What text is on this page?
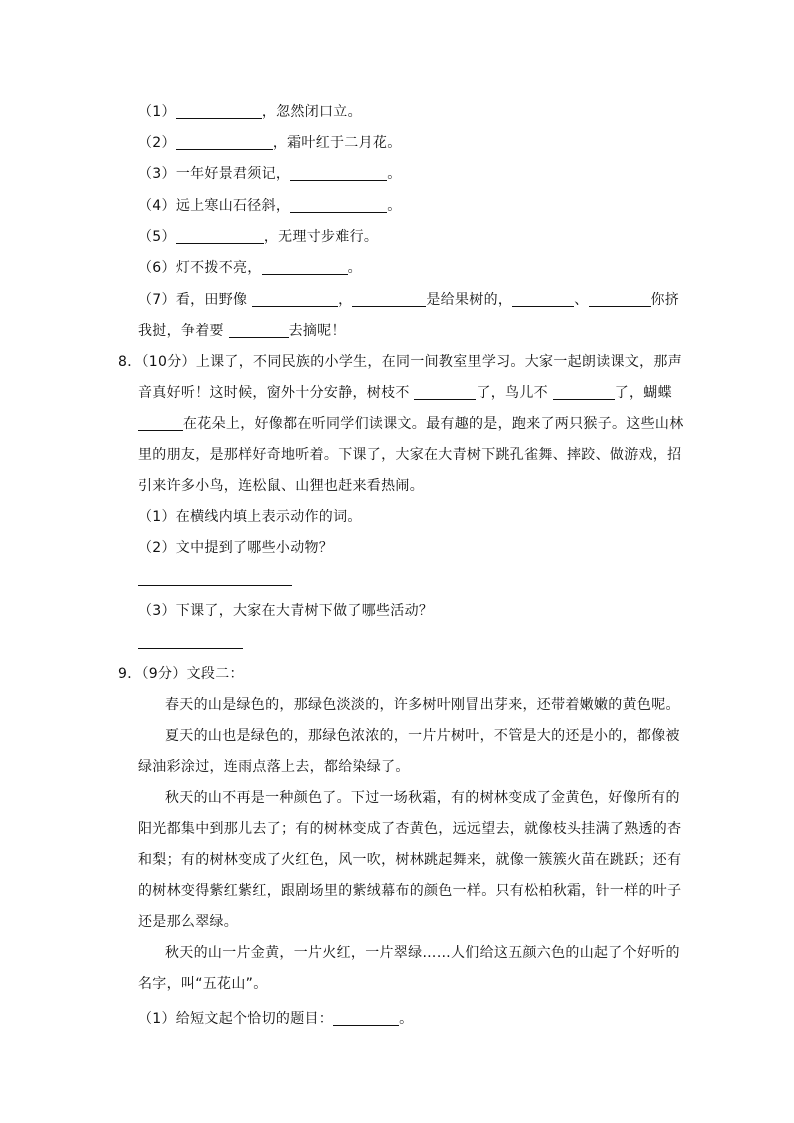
（1）	，忽然闭口立。
（2）	，霜叶红于二月花。
（3）一年好景君须记，	。
（4）远上寒山石径斜，	。
（5）	，无理寸步难行。
（6）灯不拨不亮，	。
（7）看，田野像	，	是给果树的，	、	你挤
我挝，争着要	去摘呢！
8．（10分）上课了，不同民族的小学生，在同一间教室里学习。大家一起朗读课文，那声
音真好听！这时候，窗外十分安静，树枝不	了，鸟儿不	了，蝴蝶
在花朵上，好像都在听同学们读课文。最有趣的是，跑来了两只猴子。这些山林
里的朋友，是那样好奇地听着。下课了，大家在大青树下跳孔雀舞、摔跤、做游戏，招
引来许多小鸟，连松鼠、山狸也赶来看热闹。
（1）在横线内填上表示动作的词。
（2）文中提到了哪些小动物？
（3）下课了，大家在大青树下做了哪些活动？
9．（9分）文段二：
春天的山是绿色的，那绿色淡淡的，许多树叶刚冒出芽来，还带着嫩嫩的黄色呢。
夏天的山也是绿色的，那绿色浓浓的，一片片树叶，不管是大的还是小的，都像被
绿油彩涂过，连雨点落上去，都给染绿了。
秋天的山不再是一种颜色了。下过一场秋霜，有的树林变成了金黄色，好像所有的
阳光都集中到那儿去了；有的树林变成了杏黄色，远远望去，就像枝头挂满了熟透的杏
和梨；有的树林变成了火红色，风一吹，树林跳起舞来，就像一簇簇火苗在跳跃；还有
的树林变得紫红紫红，跟剧场里的紫绒幕布的颜色一样。只有松柏秋霜，针一样的叶子
还是那么翠绿。
秋天的山一片金黄，一片火红，一片翠绿……人们给这五颜六色的山起了个好听的
名字，叫“五花山”。
（1）给短文起个恰切的题目：	。
